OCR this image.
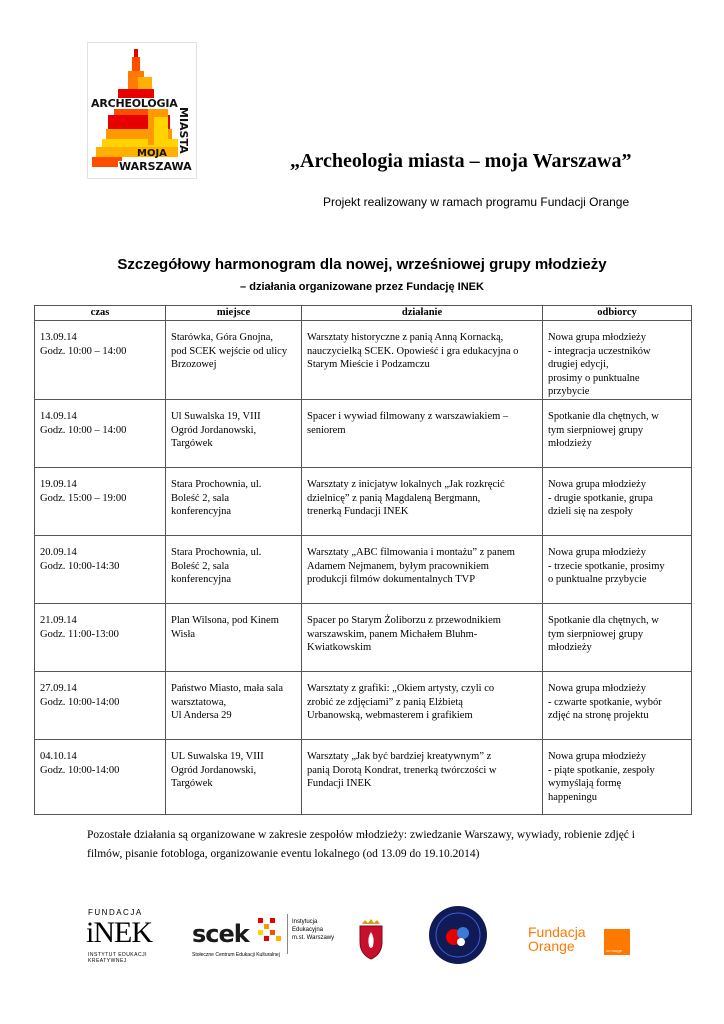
ARCHEOLOGIA
MIASTA
MOJA
WARSZAWA	„Archeologia miasta – moja Warszawa”

Projekt realizowany w ramach programu Fundacji Orange

Szczegółowy harmonogram dla nowej, wrześniowej grupy młodzieży

– działania organizowane przez Fundację INEK

czas	miejsce	działanie	odbiorcy

13.09.14
Godz. 10:00 – 14:00	Starówka, Góra Gnojna,
pod SCEK wejście od ulicy
Brzozowej	Warsztaty historyczne z panią Anną Kornacką,
nauczycielką SCEK. Opowieść i gra edukacyjna o
Starym Mieście i Podzamczu	Nowa grupa młodzieży
- integracja uczestników
drugiej edycji,
prosimy o punktualne
przybycie

14.09.14
Godz. 10:00 – 14:00	Ul Suwalska 19, VIII
Ogród Jordanowski,
Targówek	Spacer i wywiad filmowany z warszawiakiem –
seniorem	Spotkanie dla chętnych, w
tym sierpniowej grupy
młodzieży

19.09.14
Godz. 15:00 – 19:00	Stara Prochownia, ul.
Boleść 2, sala
konferencyjna	Warsztaty z inicjatyw lokalnych „Jak rozkręcić
dzielnicę” z panią Magdaleną Bergmann,
trenerką Fundacji INEK	Nowa grupa młodzieży
- drugie spotkanie, grupa
dzieli się na zespoły

20.09.14
Godz. 10:00-14:30	Stara Prochownia, ul.
Boleść 2, sala
konferencyjna	Warsztaty „ABC filmowania i montażu” z panem
Adamem Nejmanem, byłym pracownikiem
produkcji filmów dokumentalnych TVP	Nowa grupa młodzieży
- trzecie spotkanie, prosimy
o punktualne przybycie

21.09.14
Godz. 11:00-13:00	Plan Wilsona, pod Kinem
Wisła	Spacer po Starym Żoliborzu z przewodnikiem
warszawskim, panem Michałem Bluhm-
Kwiatkowskim	Spotkanie dla chętnych, w
tym sierpniowej grupy
młodzieży

27.09.14
Godz. 10:00-14:00	Państwo Miasto, mała sala
warsztatowa,
Ul Andersa 29	Warsztaty z grafiki: „Okiem artysty, czyli co
zrobić ze zdjęciami” z panią Elżbietą
Urbanowską, webmasterem i grafikiem	Nowa grupa młodzieży
- czwarte spotkanie, wybór
zdjęć na stronę projektu

04.10.14
Godz. 10:00-14:00	UL Suwalska 19, VIII
Ogród Jordanowski,
Targówek	Warsztaty „Jak być bardziej kreatywnym” z
panią Dorotą Kondrat, trenerką twórczości w
Fundacji INEK	Nowa grupa młodzieży
- piąte spotkanie, zespoły
wymyślają formę
happeningu

Pozostałe działania są organizowane w zakresie zespołów młodzieży: zwiedzanie Warszawy, wywiady, robienie zdjęć i filmów, pisanie fotobloga, organizowanie eventu lokalnego (od 13.09 do 19.10.2014)

FUNDACJA
iNEK
INSTYTUT EDUKACJI KREATYWNEJ
scek
Stołeczne Centrum Edukacji Kulturalnej
Instytucja
Edukacyjna
m.st. Warszawy	Fundacja
Orange	un rouge
